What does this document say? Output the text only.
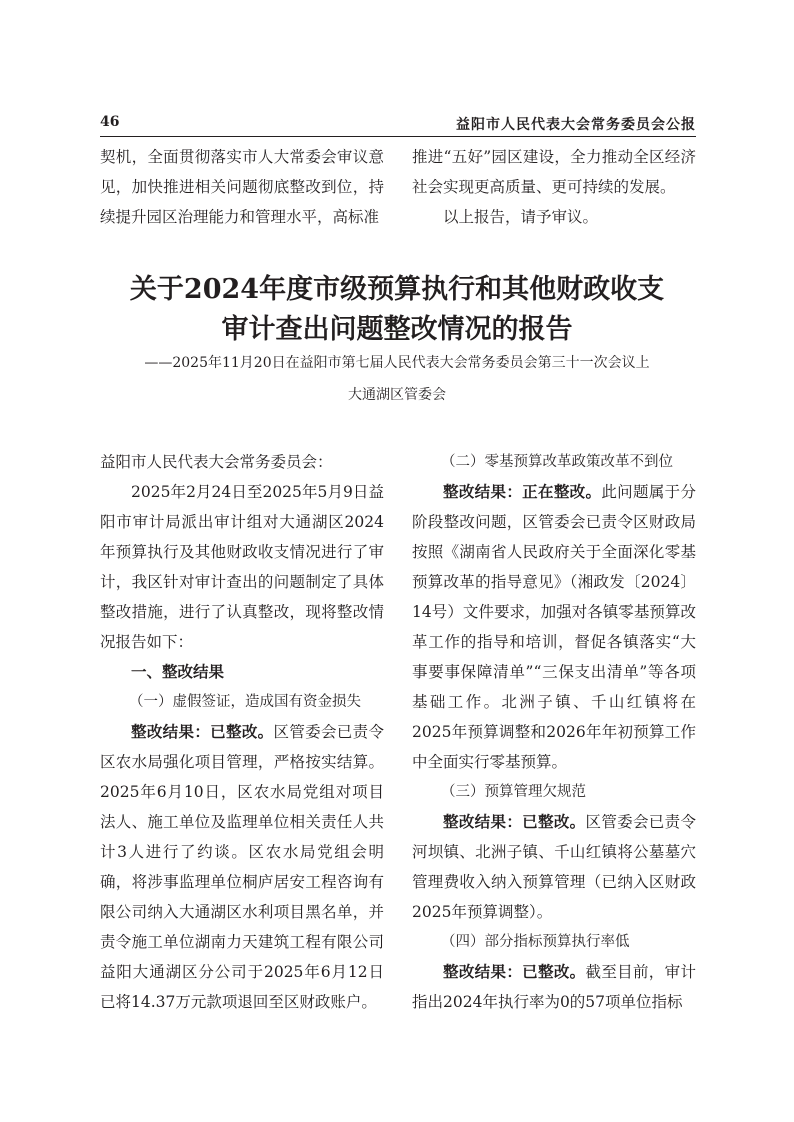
46	益阳市人民代表大会常务委员会公报

契机，全面贯彻落实市人大常委会审议意见，加快推进相关问题彻底整改到位，持续提升园区治理能力和管理水平，高标准

推进“五好”园区建设，全力推动全区经济社会实现更高质量、更可持续的发展。

以上报告，请予审议。

关于2024年度市级预算执行和其他财政收支
审计查出问题整改情况的报告
——2025年11月20日在益阳市第七届人民代表大会常务委员会第三十一次会议上
大通湖区管委会

益阳市人民代表大会常务委员会：

2025年2月24日至2025年5月9日益阳市审计局派出审计组对大通湖区2024年预算执行及其他财政收支情况进行了审计，我区针对审计查出的问题制定了具体整改措施，进行了认真整改，现将整改情况报告如下：

一、整改结果

（一）虚假签证，造成国有资金损失

整改结果：已整改。区管委会已责令区农水局强化项目管理，严格按实结算。2025年6月10日，区农水局党组对项目法人、施工单位及监理单位相关责任人共计3人进行了约谈。区农水局党组会明确，将涉事监理单位桐庐居安工程咨询有限公司纳入大通湖区水利项目黑名单，并责令施工单位湖南力天建筑工程有限公司益阳大通湖区分公司于2025年6月12日已将14.37万元款项退回至区财政账户。

（二）零基预算改革政策改革不到位

整改结果：正在整改。此问题属于分阶段整改问题，区管委会已责令区财政局按照《湖南省人民政府关于全面深化零基预算改革的指导意见》（湘政发〔2024〕14号）文件要求，加强对各镇零基预算改革工作的指导和培训，督促各镇落实“大事要事保障清单”“三保支出清单”等各项基础工作。北洲子镇、千山红镇将在2025年预算调整和2026年年初预算工作中全面实行零基预算。

（三）预算管理欠规范

整改结果：已整改。区管委会已责令河坝镇、北洲子镇、千山红镇将公墓墓穴管理费收入纳入预算管理（已纳入区财政2025年预算调整）。

（四）部分指标预算执行率低

整改结果：已整改。截至目前，审计指出2024年执行率为0的57项单位指标
